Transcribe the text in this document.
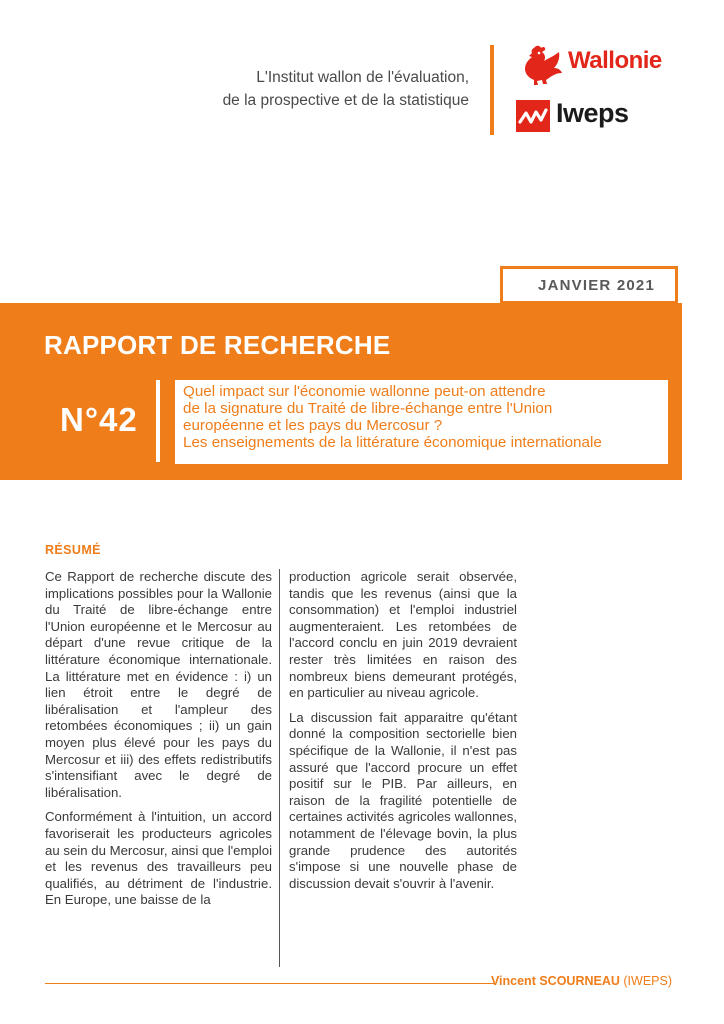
L'Institut wallon de l'évaluation,
de la prospective et de la statistique
Wallonie
Iweps
JANVIER 2021
RAPPORT DE RECHERCHE
N°42
Quel impact sur l'économie wallonne peut-on attendre
de la signature du Traité de libre-échange entre l'Union
européenne et les pays du Mercosur ?
Les enseignements de la littérature économique internationale
RÉSUMÉ

Ce Rapport de recherche discute des implications possibles pour la Wallonie du Traité de libre-échange entre l'Union européenne et le Mercosur au départ d'une revue critique de la littérature économique internationale. La littérature met en évidence : i) un lien étroit entre le degré de libéralisation et l'ampleur des retombées économiques ; ii) un gain moyen plus élevé pour les pays du Mercosur et iii) des effets redistributifs s'intensifiant avec le degré de libéralisation.

Conformément à l'intuition, un accord favoriserait les producteurs agricoles au sein du Mercosur, ainsi que l'emploi et les revenus des travailleurs peu qualifiés, au détriment de l'industrie. En Europe, une baisse de la

production agricole serait observée, tandis que les revenus (ainsi que la consommation) et l'emploi industriel augmenteraient. Les retombées de l'accord conclu en juin 2019 devraient rester très limitées en raison des nombreux biens demeurant protégés, en particulier au niveau agricole.

La discussion fait apparaitre qu'étant donné la composition sectorielle bien spécifique de la Wallonie, il n'est pas assuré que l'accord procure un effet positif sur le PIB. Par ailleurs, en raison de la fragilité potentielle de certaines activités agricoles wallonnes, notamment de l'élevage bovin, la plus grande prudence des autorités s'impose si une nouvelle phase de discussion devait s'ouvrir à l'avenir.

Vincent SCOURNEAU (IWEPS)
